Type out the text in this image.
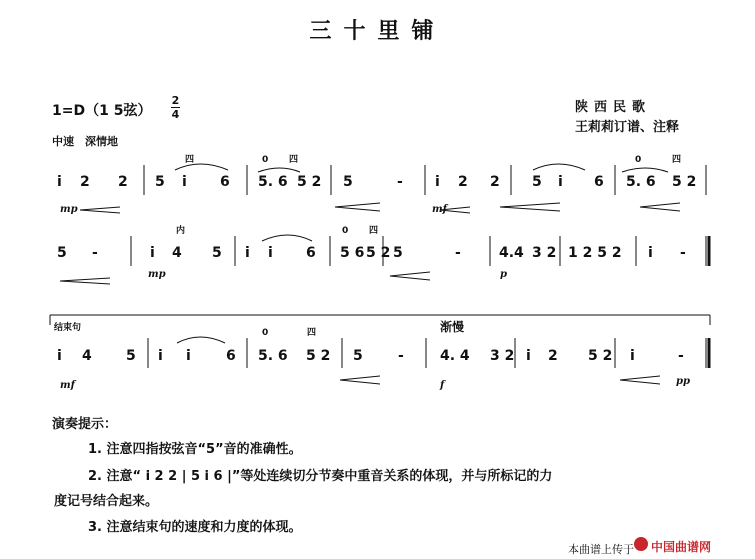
三十里铺
1=D（1 5弦）
2
4
中速　深情地
陕西民歌
王莉莉订谱、注释
i 2 2 5 i 6 5. 6 5 2 5	- i 2 2 5 i 6 5. 6 5 2
5 -	i 4 5 i i 6 5 6 5 2 5	-	4.4 3 2 1 2 5 2 i -
i 4 5 i i	6 5. 6 5 2 5	-	4. 4 3 2 i 2 5 2 i	-
四	0 四	0	四
内	0 四
0	四
mp	mf
mp	p
mf	f	pp
结束句	渐慢
演奏提示：
1. 注意四指按弦音“5”音的准确性。
2. 注意“ i 2 2 | 5 i 6 |”等处连续切分节奏中重音关系的体现，并与所标记的力
度记号结合起来。
3. 注意结束句的速度和力度的体现。
本曲谱上传于 中国曲谱网
